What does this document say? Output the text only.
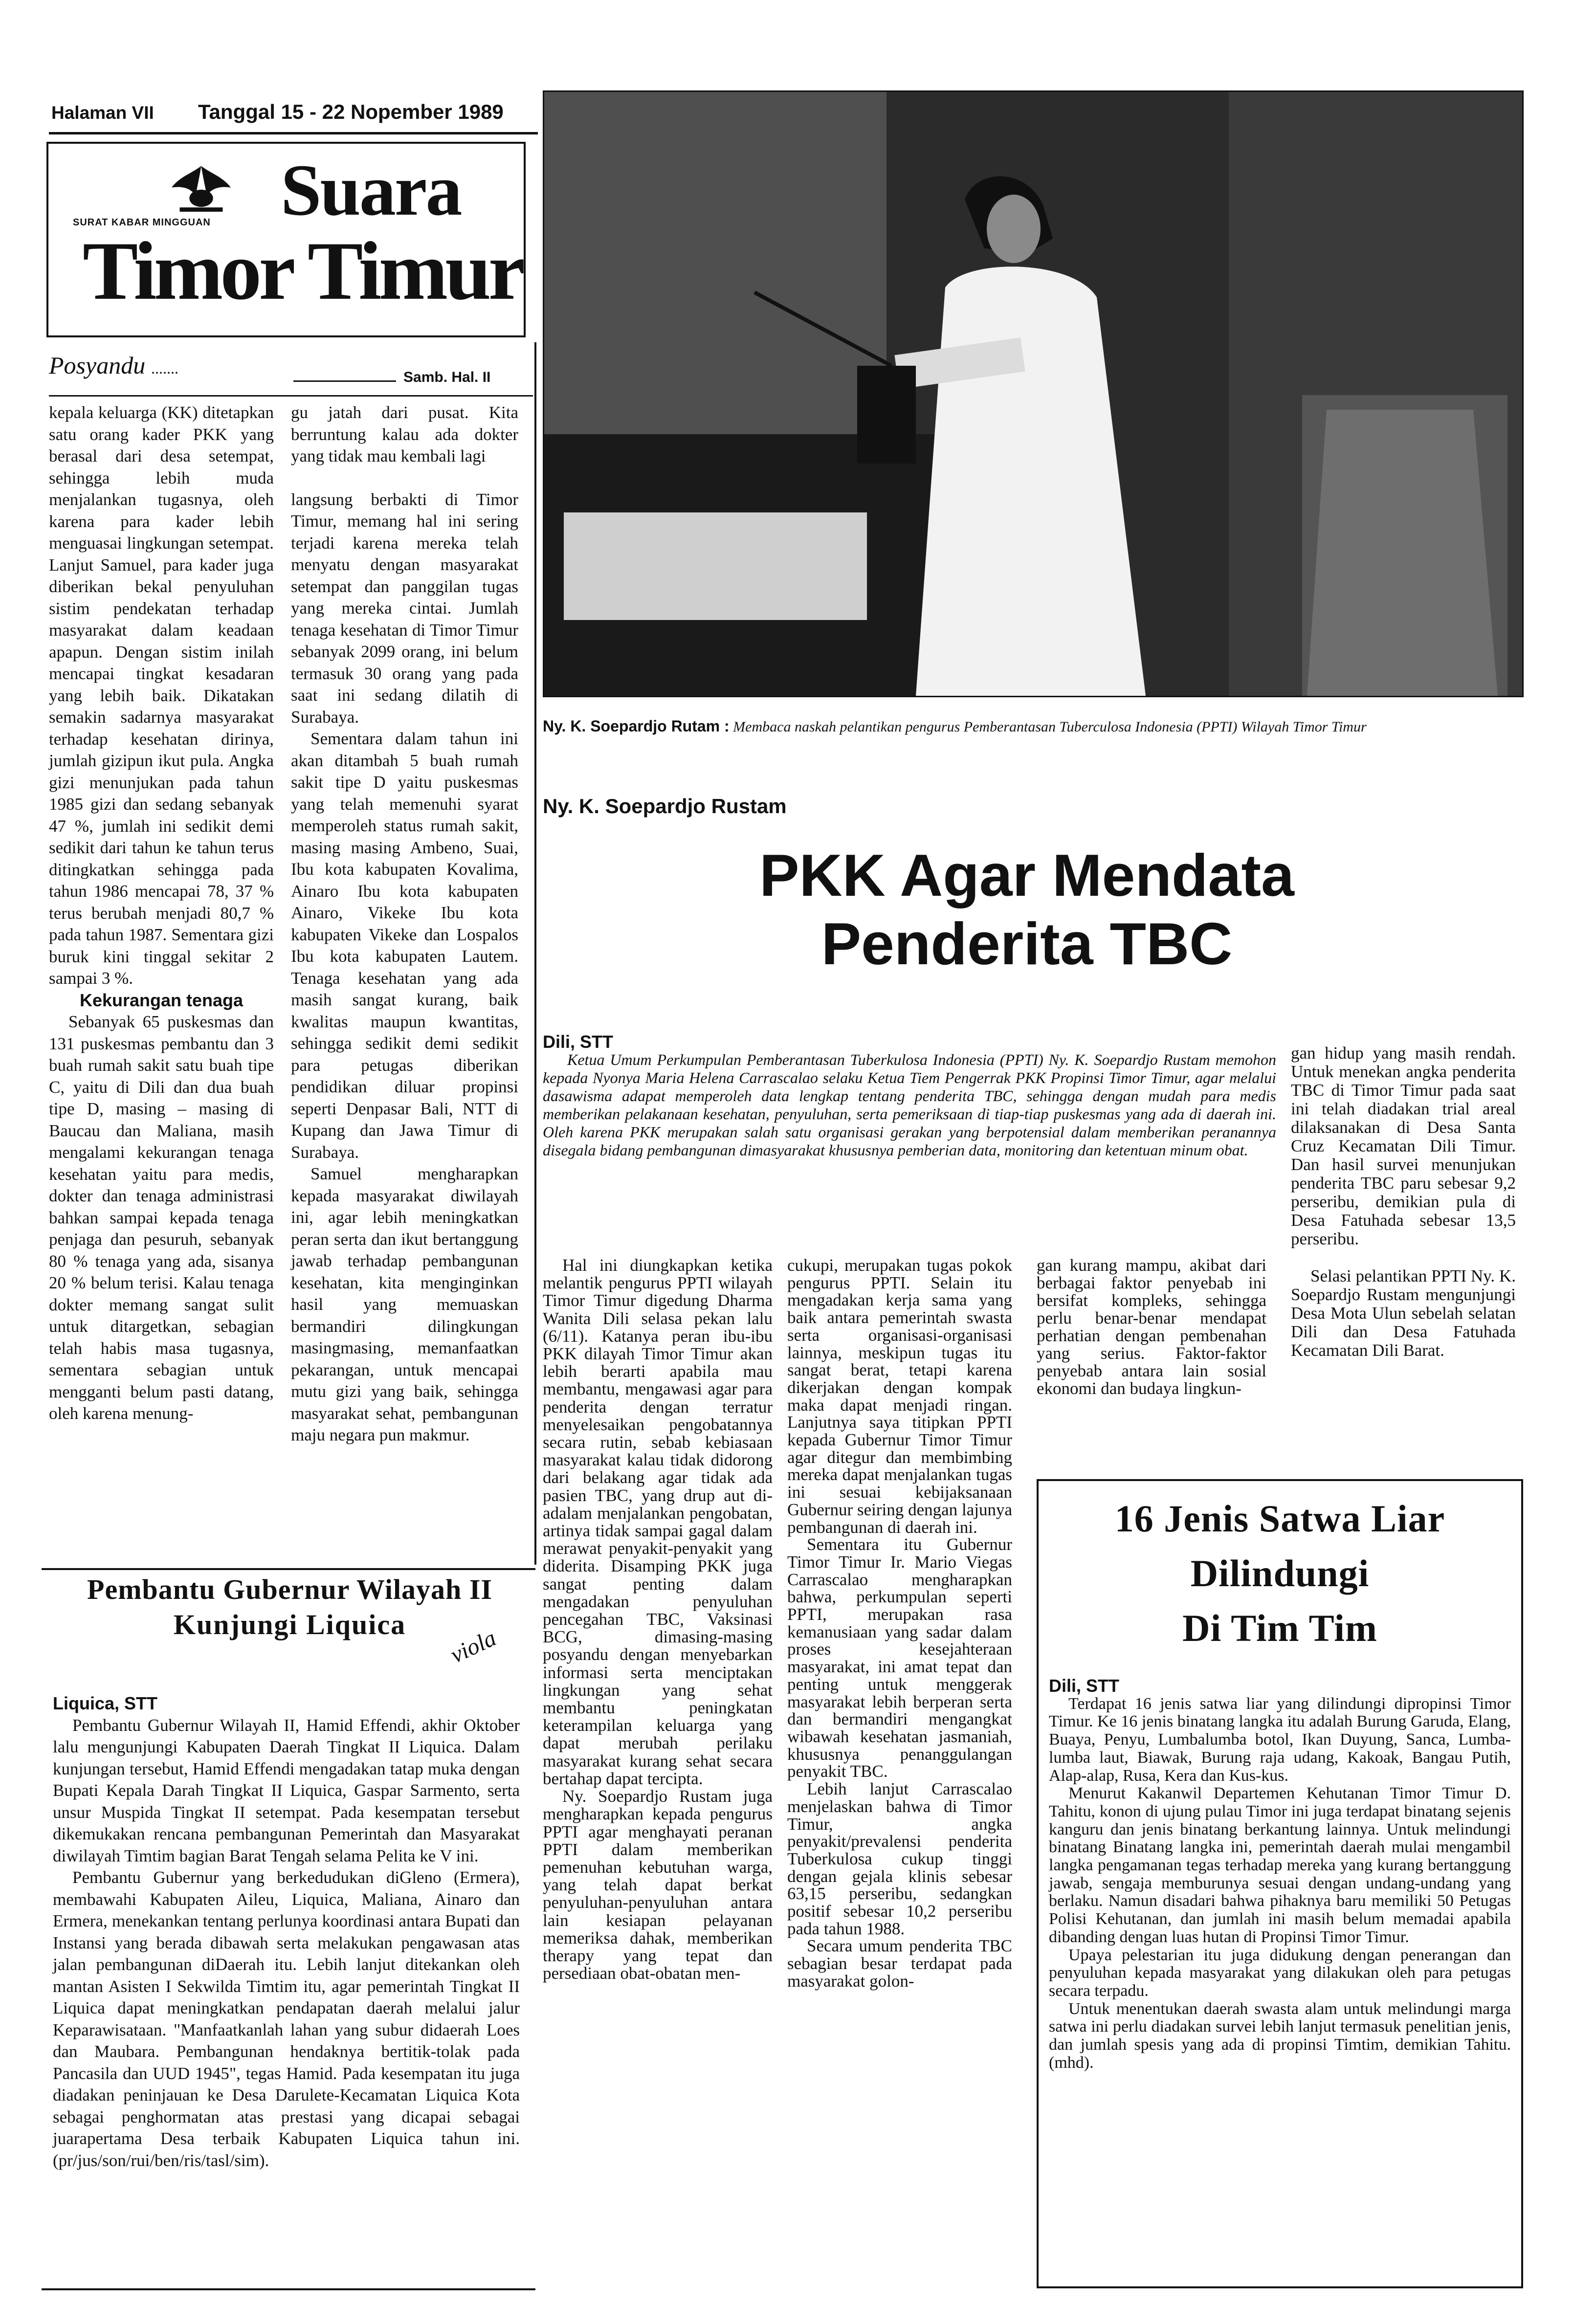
Halaman VII Tanggal 15 - 22 Nopember 1989
SURAT KABAR MINGGUAN Suara
Timor Timur
Posyandu .......
Samb. Hal. II

kepala keluarga (KK) ditetapkan satu orang kader PKK yang berasal dari desa setempat, sehingga lebih muda menjalankan tugasnya, oleh karena para kader lebih menguasai lingkungan setempat. Lanjut Samuel, para kader juga diberikan bekal penyuluhan sistim pendekatan terhadap masyarakat dalam keadaan apapun. Dengan sistim inilah mencapai tingkat kesadaran yang lebih baik. Dikatakan semakin sadarnya masyarakat terhadap kesehatan dirinya, jumlah gizipun ikut pula. Angka gizi menunjukan pada tahun 1985 gizi dan sedang sebanyak 47 %, jumlah ini sedikit demi sedikit dari tahun ke tahun terus ditingkatkan sehingga pada tahun 1986 mencapai 78, 37 % terus berubah menjadi 80,7 % pada tahun 1987. Sementara gizi buruk kini tinggal sekitar 2 sampai 3 %.

Kekurangan tenaga

Sebanyak 65 puskesmas dan 131 puskesmas pembantu dan 3 buah rumah sakit satu buah tipe C, yaitu di Dili dan dua buah tipe D, masing – masing di Baucau dan Maliana, masih mengalami kekurangan tenaga kesehatan yaitu para medis, dokter dan tenaga administrasi bahkan sampai kepada tenaga penjaga dan pesuruh, sebanyak 80 % tenaga yang ada, sisanya 20 % belum terisi. Kalau tenaga dokter memang sangat sulit untuk ditargetkan, sebagian telah habis masa tugasnya, sementara sebagian untuk mengganti belum pasti datang, oleh karena menung-

gu jatah dari pusat. Kita berruntung kalau ada dokter yang tidak mau kembali lagi

langsung berbakti di Timor Timur, memang hal ini sering terjadi karena mereka telah menyatu dengan masyarakat setempat dan panggilan tugas yang mereka cintai. Jumlah tenaga kesehatan di Timor Timur sebanyak 2099 orang, ini belum termasuk 30 orang yang pada saat ini sedang dilatih di Surabaya.

Sementara dalam tahun ini akan ditambah 5 buah rumah sakit tipe D yaitu puskesmas yang telah memenuhi syarat memperoleh status rumah sakit, masing masing Ambeno, Suai, Ibu kota kabupaten Kovalima, Ainaro Ibu kota kabupaten Ainaro, Vikeke Ibu kota kabupaten Vikeke dan Lospalos Ibu kota kabupaten Lautem. Tenaga kesehatan yang ada masih sangat kurang, baik kwalitas maupun kwantitas, sehingga sedikit demi sedikit para petugas diberikan pendidikan diluar propinsi seperti Denpasar Bali, NTT di Kupang dan Jawa Timur di Surabaya.

Samuel mengharapkan kepada masyarakat diwilayah ini, agar lebih meningkatkan peran serta dan ikut bertanggung jawab terhadap pembangunan kesehatan, kita menginginkan hasil yang memuaskan bermandiri dilingkungan masingmasing, memanfaatkan pekarangan, untuk mencapai mutu gizi yang baik, sehingga masyarakat sehat, pembangunan maju negara pun makmur.

Pembantu Gubernur Wilayah II
Kunjungi Liquica
viola

Liquica, STT

Pembantu Gubernur Wilayah II, Hamid Effendi, akhir Oktober lalu mengunjungi Kabupaten Daerah Tingkat II Liquica. Dalam kunjungan tersebut, Hamid Effendi mengadakan tatap muka dengan Bupati Kepala Darah Tingkat II Liquica, Gaspar Sarmento, serta unsur Muspida Tingkat II setempat. Pada kesempatan tersebut dikemukakan rencana pembangunan Pemerintah dan Masyarakat diwilayah Timtim bagian Barat Tengah selama Pelita ke V ini.

Pembantu Gubernur yang berkedudukan diGleno (Ermera), membawahi Kabupaten Aileu, Liquica, Maliana, Ainaro dan Ermera, menekankan tentang perlunya koordinasi antara Bupati dan Instansi yang berada dibawah serta melakukan pengawasan atas jalan pembangunan diDaerah itu. Lebih lanjut ditekankan oleh mantan Asisten I Sekwilda Timtim itu, agar pemerintah Tingkat II Liquica dapat meningkatkan pendapatan daerah melalui jalur Keparawisataan. "Manfaatkanlah lahan yang subur didaerah Loes dan Maubara. Pembangunan hendaknya bertitik-tolak pada Pancasila dan UUD 1945", tegas Hamid. Pada kesempatan itu juga diadakan peninjauan ke Desa Darulete-Kecamatan Liquica Kota sebagai penghormatan atas prestasi yang dicapai sebagai juarapertama Desa terbaik Kabupaten Liquica tahun ini. (pr/jus/son/rui/ben/ris/tasl/sim).

Ny. K. Soepardjo Rutam : Membaca naskah pelantikan pengurus Pemberantasan Tuberculosa Indonesia (PPTI) Wilayah Timor Timur
Ny. K. Soepardjo Rustam
PKK Agar Mendata
Penderita TBC

Dili, STT

Ketua Umum Perkumpulan Pemberantasan Tuberkulosa Indonesia (PPTI) Ny. K. Soepardjo Rustam memohon kepada Nyonya Maria Helena Carrascalao selaku Ketua Tiem Pengerrak PKK Propinsi Timor Timur, agar melalui dasawisma adapat memperoleh data lengkap tentang penderita TBC, sehingga dengan mudah para medis memberikan pelakanaan kesehatan, penyuluhan, serta pemeriksaan di tiap-tiap puskesmas yang ada di daerah ini. Oleh karena PKK merupakan salah satu organisasi gerakan yang berpotensial dalam memberikan peranannya disegala bidang pembangunan dimasyarakat khususnya pemberian data, monitoring dan ketentuan minum obat.

Hal ini diungkapkan ketika melantik pengurus PPTI wilayah Timor Timur digedung Dharma Wanita Dili selasa pekan lalu (6/11). Katanya peran ibu-ibu PKK dilayah Timor Timur akan lebih berarti apabila mau membantu, mengawasi agar para penderita dengan terratur menyelesaikan pengobatannya secara rutin, sebab kebiasaan masyarakat kalau tidak didorong dari belakang agar tidak ada pasien TBC, yang drup aut di-adalam menjalankan pengobatan, artinya tidak sampai gagal dalam merawat penyakit-penyakit yang diderita. Disamping PKK juga sangat penting dalam mengadakan penyuluhan pencegahan TBC, Vaksinasi BCG, dimasing-masing posyandu dengan menyebarkan informasi serta menciptakan lingkungan yang sehat membantu peningkatan keterampilan keluarga yang dapat merubah perilaku masyarakat kurang sehat secara bertahap dapat tercipta.

Ny. Soepardjo Rustam juga mengharapkan kepada pengurus PPTI agar menghayati peranan PPTI dalam memberikan pemenuhan kebutuhan warga, yang telah dapat berkat penyuluhan-penyuluhan antara lain kesiapan pelayanan memeriksa dahak, memberikan therapy yang tepat dan persediaan obat-obatan men-

cukupi, merupakan tugas pokok pengurus PPTI. Selain itu mengadakan kerja sama yang baik antara pemerintah swasta serta organisasi-organisasi lainnya, meskipun tugas itu sangat berat, tetapi karena dikerjakan dengan kompak maka dapat menjadi ringan. Lanjutnya saya titipkan PPTI kepada Gubernur Timor Timur agar ditegur dan membimbing mereka dapat menjalankan tugas ini sesuai kebijaksanaan Gubernur seiring dengan lajunya pembangunan di daerah ini.

Sementara itu Gubernur Timor Timur Ir. Mario Viegas Carrascalao mengharapkan bahwa, perkumpulan seperti PPTI, merupakan rasa kemanusiaan yang sadar dalam proses kesejahteraan masyarakat, ini amat tepat dan penting untuk menggerak masyarakat lebih berperan serta dan bermandiri mengangkat wibawah kesehatan jasmaniah, khususnya penanggulangan penyakit TBC.

Lebih lanjut Carrascalao menjelaskan bahwa di Timor Timur, angka penyakit/prevalensi penderita Tuberkulosa cukup tinggi dengan gejala klinis sebesar 63,15 perseribu, sedangkan positif sebesar 10,2 perseribu pada tahun 1988.

Secara umum penderita TBC sebagian besar terdapat pada masyarakat golon-

gan kurang mampu, akibat dari berbagai faktor penyebab ini bersifat kompleks, sehingga perlu benar-benar mendapat perhatian dengan pembenahan yang serius. Faktor-faktor penyebab antara lain sosial ekonomi dan budaya lingkun-

gan hidup yang masih rendah. Untuk menekan angka penderita TBC di Timor Timur pada saat ini telah diadakan trial areal dilaksanakan di Desa Santa Cruz Kecamatan Dili Timur. Dan hasil survei menunjukan penderita TBC paru sebesar 9,2 perseribu, demikian pula di Desa Fatuhada sebesar 13,5 perseribu.

Selasi pelantikan PPTI Ny. K. Soepardjo Rustam mengunjungi Desa Mota Ulun sebelah selatan Dili dan Desa Fatuhada Kecamatan Dili Barat.

16 Jenis Satwa Liar
Dilindungi
Di Tim Tim

Dili, STT

Terdapat 16 jenis satwa liar yang dilindungi dipropinsi Timor Timur. Ke 16 jenis binatang langka itu adalah Burung Garuda, Elang, Buaya, Penyu, Lumbalumba botol, Ikan Duyung, Sanca, Lumba-lumba laut, Biawak, Burung raja udang, Kakoak, Bangau Putih, Alap-alap, Rusa, Kera dan Kus-kus.

Menurut Kakanwil Departemen Kehutanan Timor Timur D. Tahitu, konon di ujung pulau Timor ini juga terdapat binatang sejenis kanguru dan jenis binatang berkantung lainnya. Untuk melindungi binatang Binatang langka ini, pemerintah daerah mulai mengambil langka pengamanan tegas terhadap mereka yang kurang bertanggung jawab, sengaja memburunya sesuai dengan undang-undang yang berlaku. Namun disadari bahwa pihaknya baru memiliki 50 Petugas Polisi Kehutanan, dan jumlah ini masih belum memadai apabila dibanding dengan luas hutan di Propinsi Timor Timur.

Upaya pelestarian itu juga didukung dengan penerangan dan penyuluhan kepada masyarakat yang dilakukan oleh para petugas secara terpadu.

Untuk menentukan daerah swasta alam untuk melindungi marga satwa ini perlu diadakan survei lebih lanjut termasuk penelitian jenis, dan jumlah spesis yang ada di propinsi Timtim, demikian Tahitu. (mhd).
